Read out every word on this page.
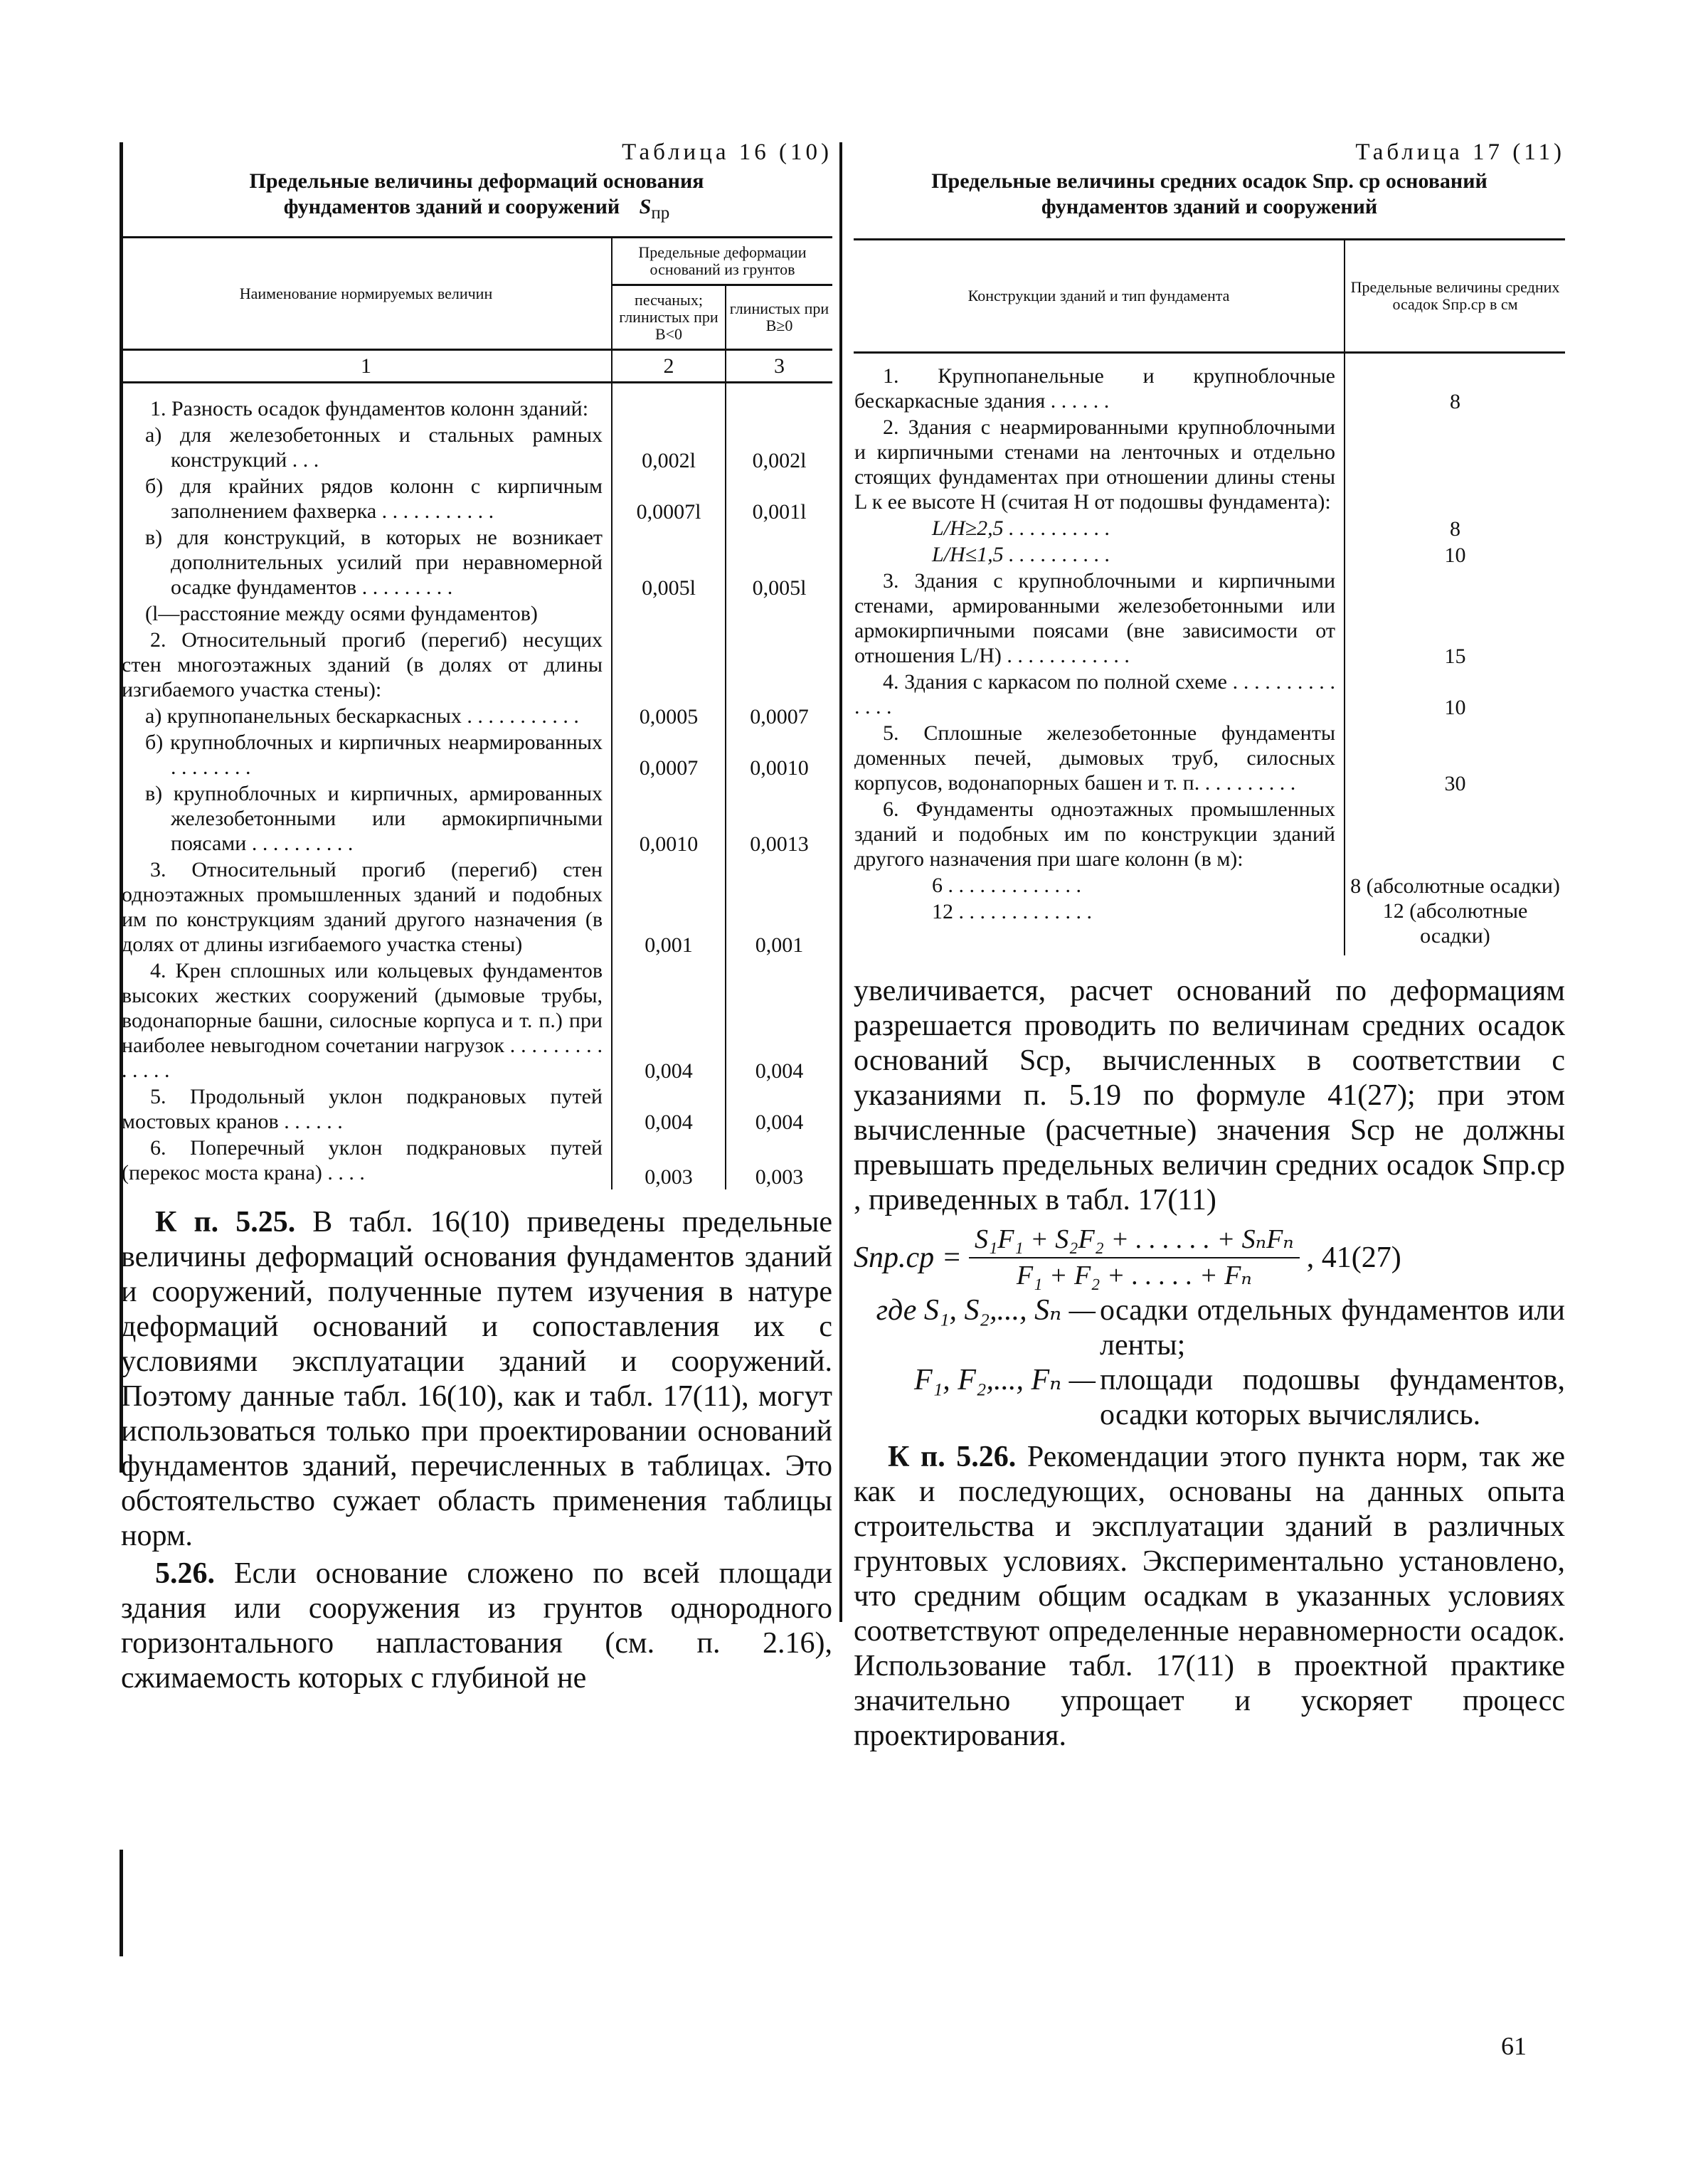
Таблица 16 (10)
Предельные величины деформаций основания
фундаментов зданий и сооружений $S_{пр}$
Наименование нормируемых величин	Предельные деформации оснований из грунтов	
	песчаных; глинистых при B<0	глинистых при B≥0
1	2	3
1. Разность осадок фундаментов колонн зданий:		
а) для железобетонных и стальных рамных конструкций . . .	0,002l	0,002l
б) для крайних рядов колонн с кирпичным заполнением фахверка . . . . . . . . . . .	0,0007l	0,001l
в) для конструкций, в которых не возникает дополнительных усилий при неравномерной осадке фундаментов . . . . . . . . .	0,005l	0,005l
(l—расстояние между осями фундаментов)		
2. Относительный прогиб (перегиб) несущих стен многоэтажных зданий (в долях от длины изгибаемого участка стены):		
а) крупнопанельных бескаркасных . . . . . . . . . . .	0,0005	0,0007
б) крупноблочных и кирпичных неармированных . . . . . . . .	0,0007	0,0010
в) крупноблочных и кирпичных, армированных железобетонными или армокирпичными поясами . . . . . . . . . .	0,0010	0,0013
3. Относительный прогиб (перегиб) стен одноэтажных промышленных зданий и подобных им по конструкциям зданий другого назначения (в долях от длины изгибаемого участка стены)	0,001	0,001
4. Крен сплошных или кольцевых фундаментов высоких жестких сооружений (дымовые трубы, водонапорные башни, силосные корпуса и т. п.) при наиболее невыгодном сочетании нагрузок . . . . . . . . . . . . . .	0,004	0,004
5. Продольный уклон подкрановых путей мостовых кранов . . . . . .	0,004	0,004
6. Поперечный уклон подкрановых путей (перекос моста крана) . . . .	0,003	0,003

К п. 5.25. В табл. 16(10) приведены предельные величины деформаций основания фундаментов зданий и сооружений, полученные путем изучения в натуре деформаций оснований и сопоставления их с условиями эксплуатации зданий и сооружений. Поэтому данные табл. 16(10), как и табл. 17(11), могут использоваться только при проектировании оснований фундаментов зданий, перечисленных в таблицах. Это обстоятельство сужает область применения таблицы норм.

5.26. Если основание сложено по всей площади здания или сооружения из грунтов однородного горизонтального напластования (см. п. 2.16), сжимаемость которых с глубиной не

Таблица 17 (11)
Предельные величины средних осадок Sпр. ср оснований
фундаментов зданий и сооружений
Конструкции зданий и тип фундамента	Предельные величины средних осадок Sпр.ср в см
1. Крупнопанельные и крупноблочные бескаркасные здания . . . . . .	8
2. Здания с неармированными крупноблочными и кирпичными стенами на ленточных и отдельно стоящих фундаментах при отношении длины стены L к ее высоте H (считая H от подошвы фундамента):	
L/H≥2,5 . . . . . . . . . .	8
L/H≤1,5 . . . . . . . . . .	10
3. Здания с крупноблочными и кирпичными стенами, армированными железобетонными или армокирпичными поясами (вне зависимости от отношения L/H) . . . . . . . . . . . .	15
4. Здания с каркасом по полной схеме . . . . . . . . . . . . . .	10
5. Сплошные железобетонные фундаменты доменных печей, дымовых труб, силосных корпусов, водонапорных башен и т. п. . . . . . . . . .	30
6. Фундаменты одноэтажных промышленных зданий и подобных им по конструкции зданий другого назначения при шаге колонн (в м):	
6 . . . . . . . . . . . . .	8 (абсолютные осадки)
12 . . . . . . . . . . . . .	12 (абсолютные осадки)

увеличивается, расчет оснований по деформациям разрешается проводить по величинам средних осадок оснований Sср, вычисленных в соответствии с указаниями п. 5.19 по формуле 41(27); при этом вычисленные (расчетные) значения Sср не должны превышать предельных величин средних осадок Sпр.ср , приведенных в табл. 17(11)

$Sпр.ср = \frac{\text{S₁F₁ + S₂F₂ + . . . . . . + SₙFₙ}}{\text{F₁ + F₂ + . . . . . + Fₙ}}$ , 41(27)
где S₁, S₂,..., Sₙ — осадки отдельных фундаментов или ленты;
F₁, F₂,..., Fₙ — площади подошвы фундаментов, осадки которых вычислялись.

К п. 5.26. Рекомендации этого пункта норм, так же как и последующих, основаны на данных опыта строительства и эксплуатации зданий в различных грунтовых условиях. Экспериментально установлено, что средним общим осадкам в указанных условиях соответствуют определенные неравномерности осадок. Использование табл. 17(11) в проектной практике значительно упрощает и ускоряет процесс проектирования.

61
